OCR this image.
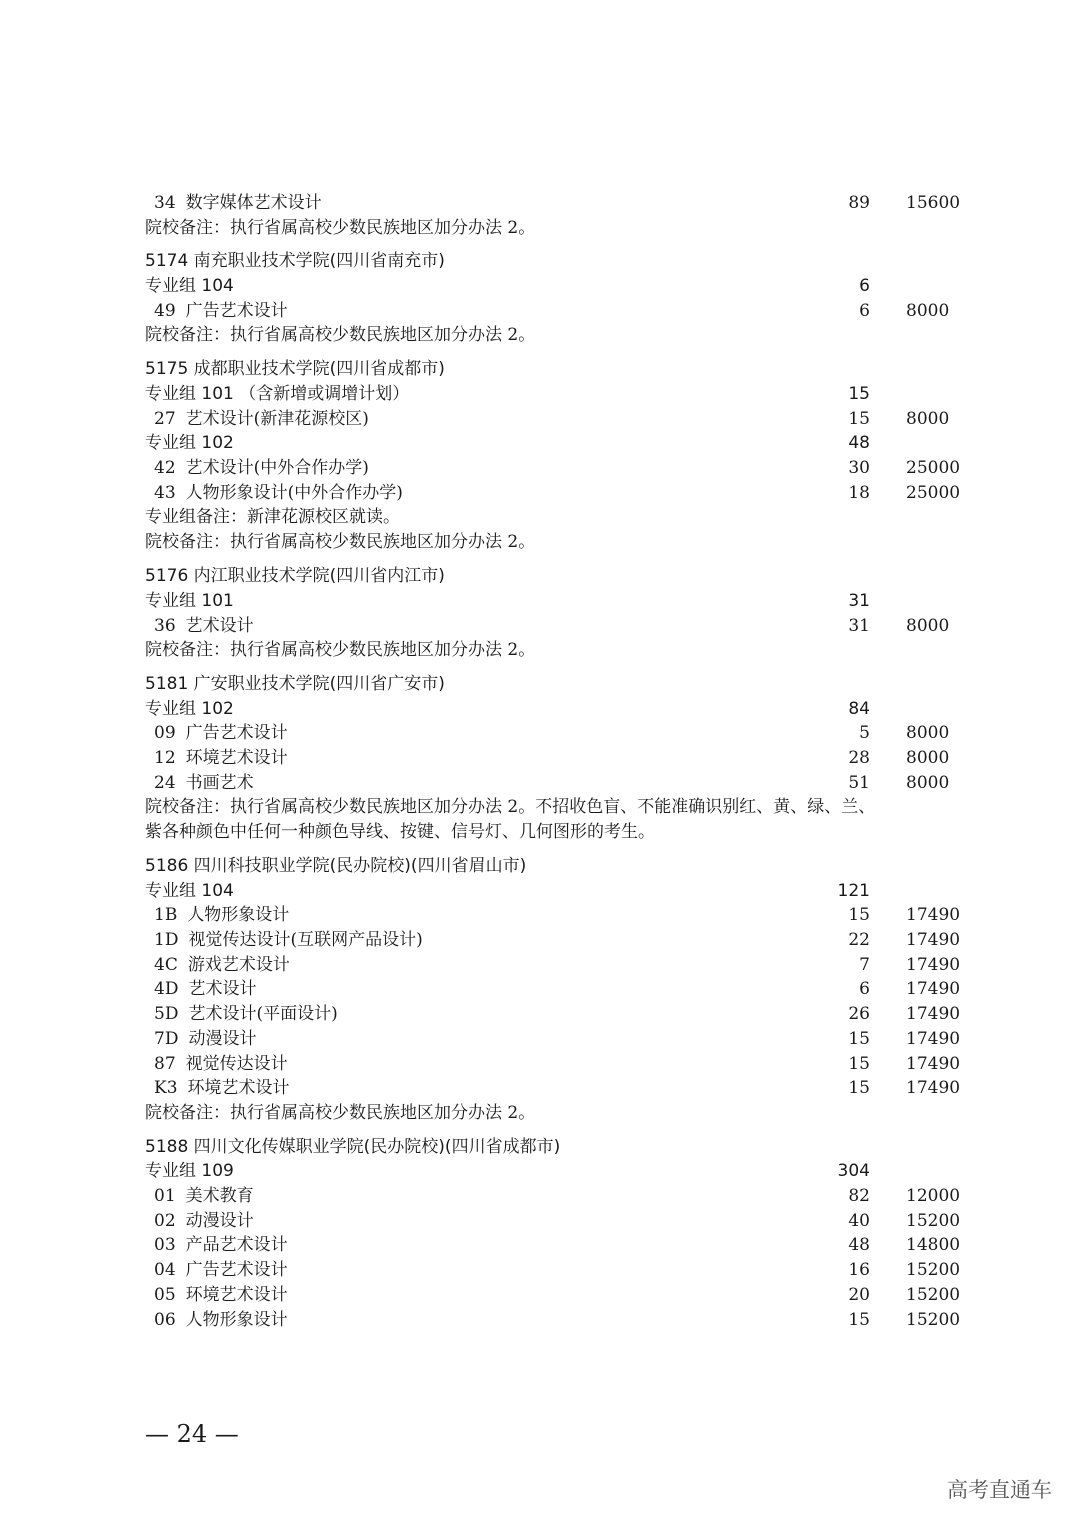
34 数字媒体艺术设计	89 15600
院校备注：执行省属高校少数民族地区加分办法 2。
5174 南充职业技术学院(四川省南充市)
专业组 104	6
49 广告艺术设计	6 8000
院校备注：执行省属高校少数民族地区加分办法 2。
5175 成都职业技术学院(四川省成都市)
专业组 101 （含新增或调增计划）	15
27 艺术设计(新津花源校区)	15 8000
专业组 102	48
42 艺术设计(中外合作办学)	30 25000
43 人物形象设计(中外合作办学)	18 25000
专业组备注：新津花源校区就读。
院校备注：执行省属高校少数民族地区加分办法 2。
5176 内江职业技术学院(四川省内江市)
专业组 101	31
36 艺术设计	31 8000
院校备注：执行省属高校少数民族地区加分办法 2。
5181 广安职业技术学院(四川省广安市)
专业组 102	84
09 广告艺术设计	5 8000
12 环境艺术设计	28 8000
24 书画艺术	51 8000
院校备注：执行省属高校少数民族地区加分办法 2。不招收色盲、不能准确识别红、黄、绿、兰、
紫各种颜色中任何一种颜色导线、按键、信号灯、几何图形的考生。
5186 四川科技职业学院(民办院校)(四川省眉山市)
专业组 104	121
1B 人物形象设计	15 17490
1D 视觉传达设计(互联网产品设计)	22 17490
4C 游戏艺术设计	7 17490
4D 艺术设计	6 17490
5D 艺术设计(平面设计)	26 17490
7D 动漫设计	15 17490
87 视觉传达设计	15 17490
K3 环境艺术设计	15 17490
院校备注：执行省属高校少数民族地区加分办法 2。
5188 四川文化传媒职业学院(民办院校)(四川省成都市)
专业组 109	304
01 美术教育	82 12000
02 动漫设计	40 15200
03 产品艺术设计	48 14800
04 广告艺术设计	16 15200
05 环境艺术设计	20 15200
06 人物形象设计	15 15200
— 24 —
高考直通车
